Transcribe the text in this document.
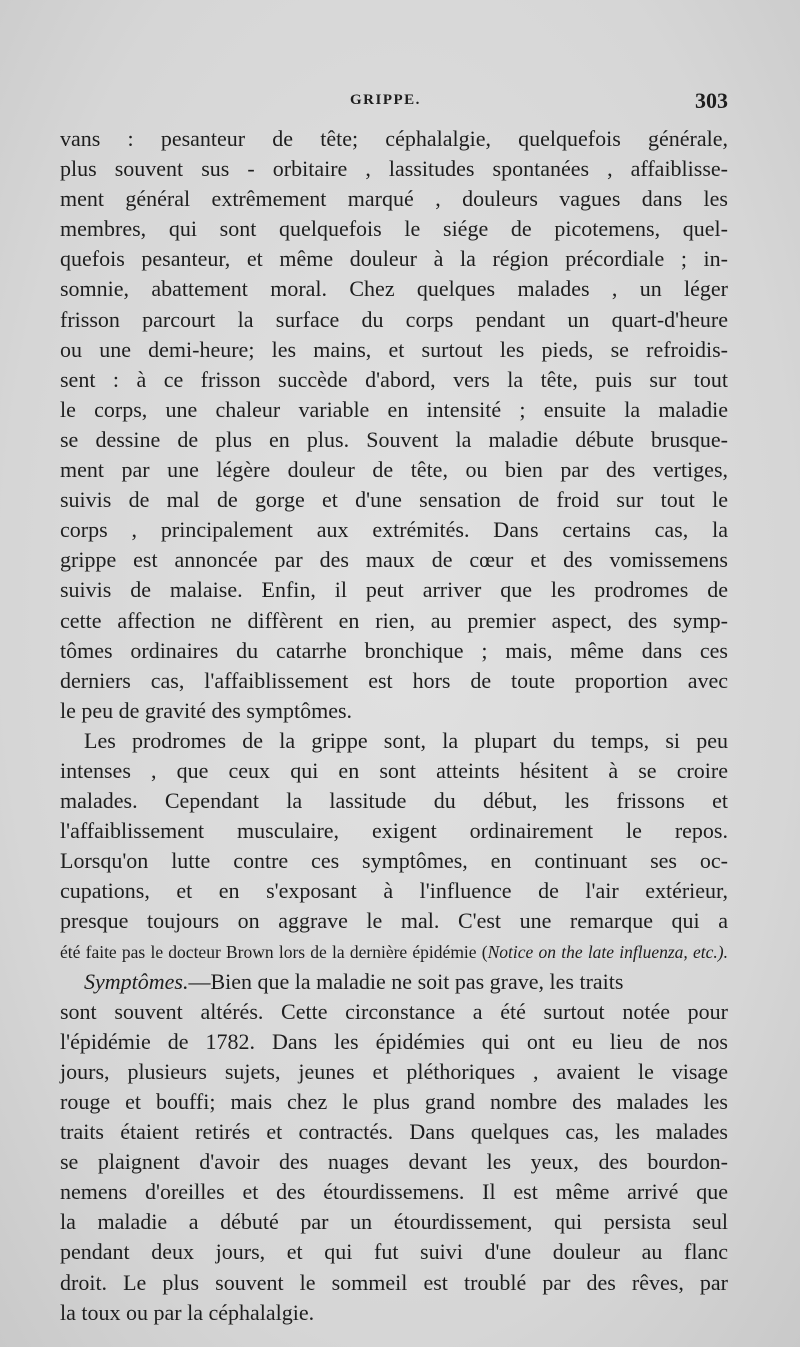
GRIPPE.	303
vans : pesanteur de tête; céphalalgie, quelquefois générale,
plus souvent sus - orbitaire , lassitudes spontanées , affaiblisse-
ment général extrêmement marqué , douleurs vagues dans les
membres, qui sont quelquefois le siége de picotemens, quel-
quefois pesanteur, et même douleur à la région précordiale ; in-
somnie, abattement moral. Chez quelques malades , un léger
frisson parcourt la surface du corps pendant un quart-d'heure
ou une demi-heure; les mains, et surtout les pieds, se refroidis-
sent : à ce frisson succède d'abord, vers la tête, puis sur tout
le corps, une chaleur variable en intensité ; ensuite la maladie
se dessine de plus en plus. Souvent la maladie débute brusque-
ment par une légère douleur de tête, ou bien par des vertiges,
suivis de mal de gorge et d'une sensation de froid sur tout le
corps , principalement aux extrémités. Dans certains cas, la
grippe est annoncée par des maux de cœur et des vomissemens
suivis de malaise. Enfin, il peut arriver que les prodromes de
cette affection ne diffèrent en rien, au premier aspect, des symp-
tômes ordinaires du catarrhe bronchique ; mais, même dans ces
derniers cas, l'affaiblissement est hors de toute proportion avec
le peu de gravité des symptômes.
Les prodromes de la grippe sont, la plupart du temps, si peu
intenses , que ceux qui en sont atteints hésitent à se croire
malades. Cependant la lassitude du début, les frissons et
l'affaiblissement musculaire, exigent ordinairement le repos.
Lorsqu'on lutte contre ces symptômes, en continuant ses oc-
cupations, et en s'exposant à l'influence de l'air extérieur,
presque toujours on aggrave le mal. C'est une remarque qui a
été faite pas le docteur Brown lors de la dernière épidémie (Notice on the late influenza, etc.).
Symptômes.—Bien que la maladie ne soit pas grave, les traits
sont souvent altérés. Cette circonstance a été surtout notée pour
l'épidémie de 1782. Dans les épidémies qui ont eu lieu de nos
jours, plusieurs sujets, jeunes et pléthoriques , avaient le visage
rouge et bouffi; mais chez le plus grand nombre des malades les
traits étaient retirés et contractés. Dans quelques cas, les malades
se plaignent d'avoir des nuages devant les yeux, des bourdon-
nemens d'oreilles et des étourdissemens. Il est même arrivé que
la maladie a débuté par un étourdissement, qui persista seul
pendant deux jours, et qui fut suivi d'une douleur au flanc
droit. Le plus souvent le sommeil est troublé par des rêves, par
la toux ou par la céphalalgie.
